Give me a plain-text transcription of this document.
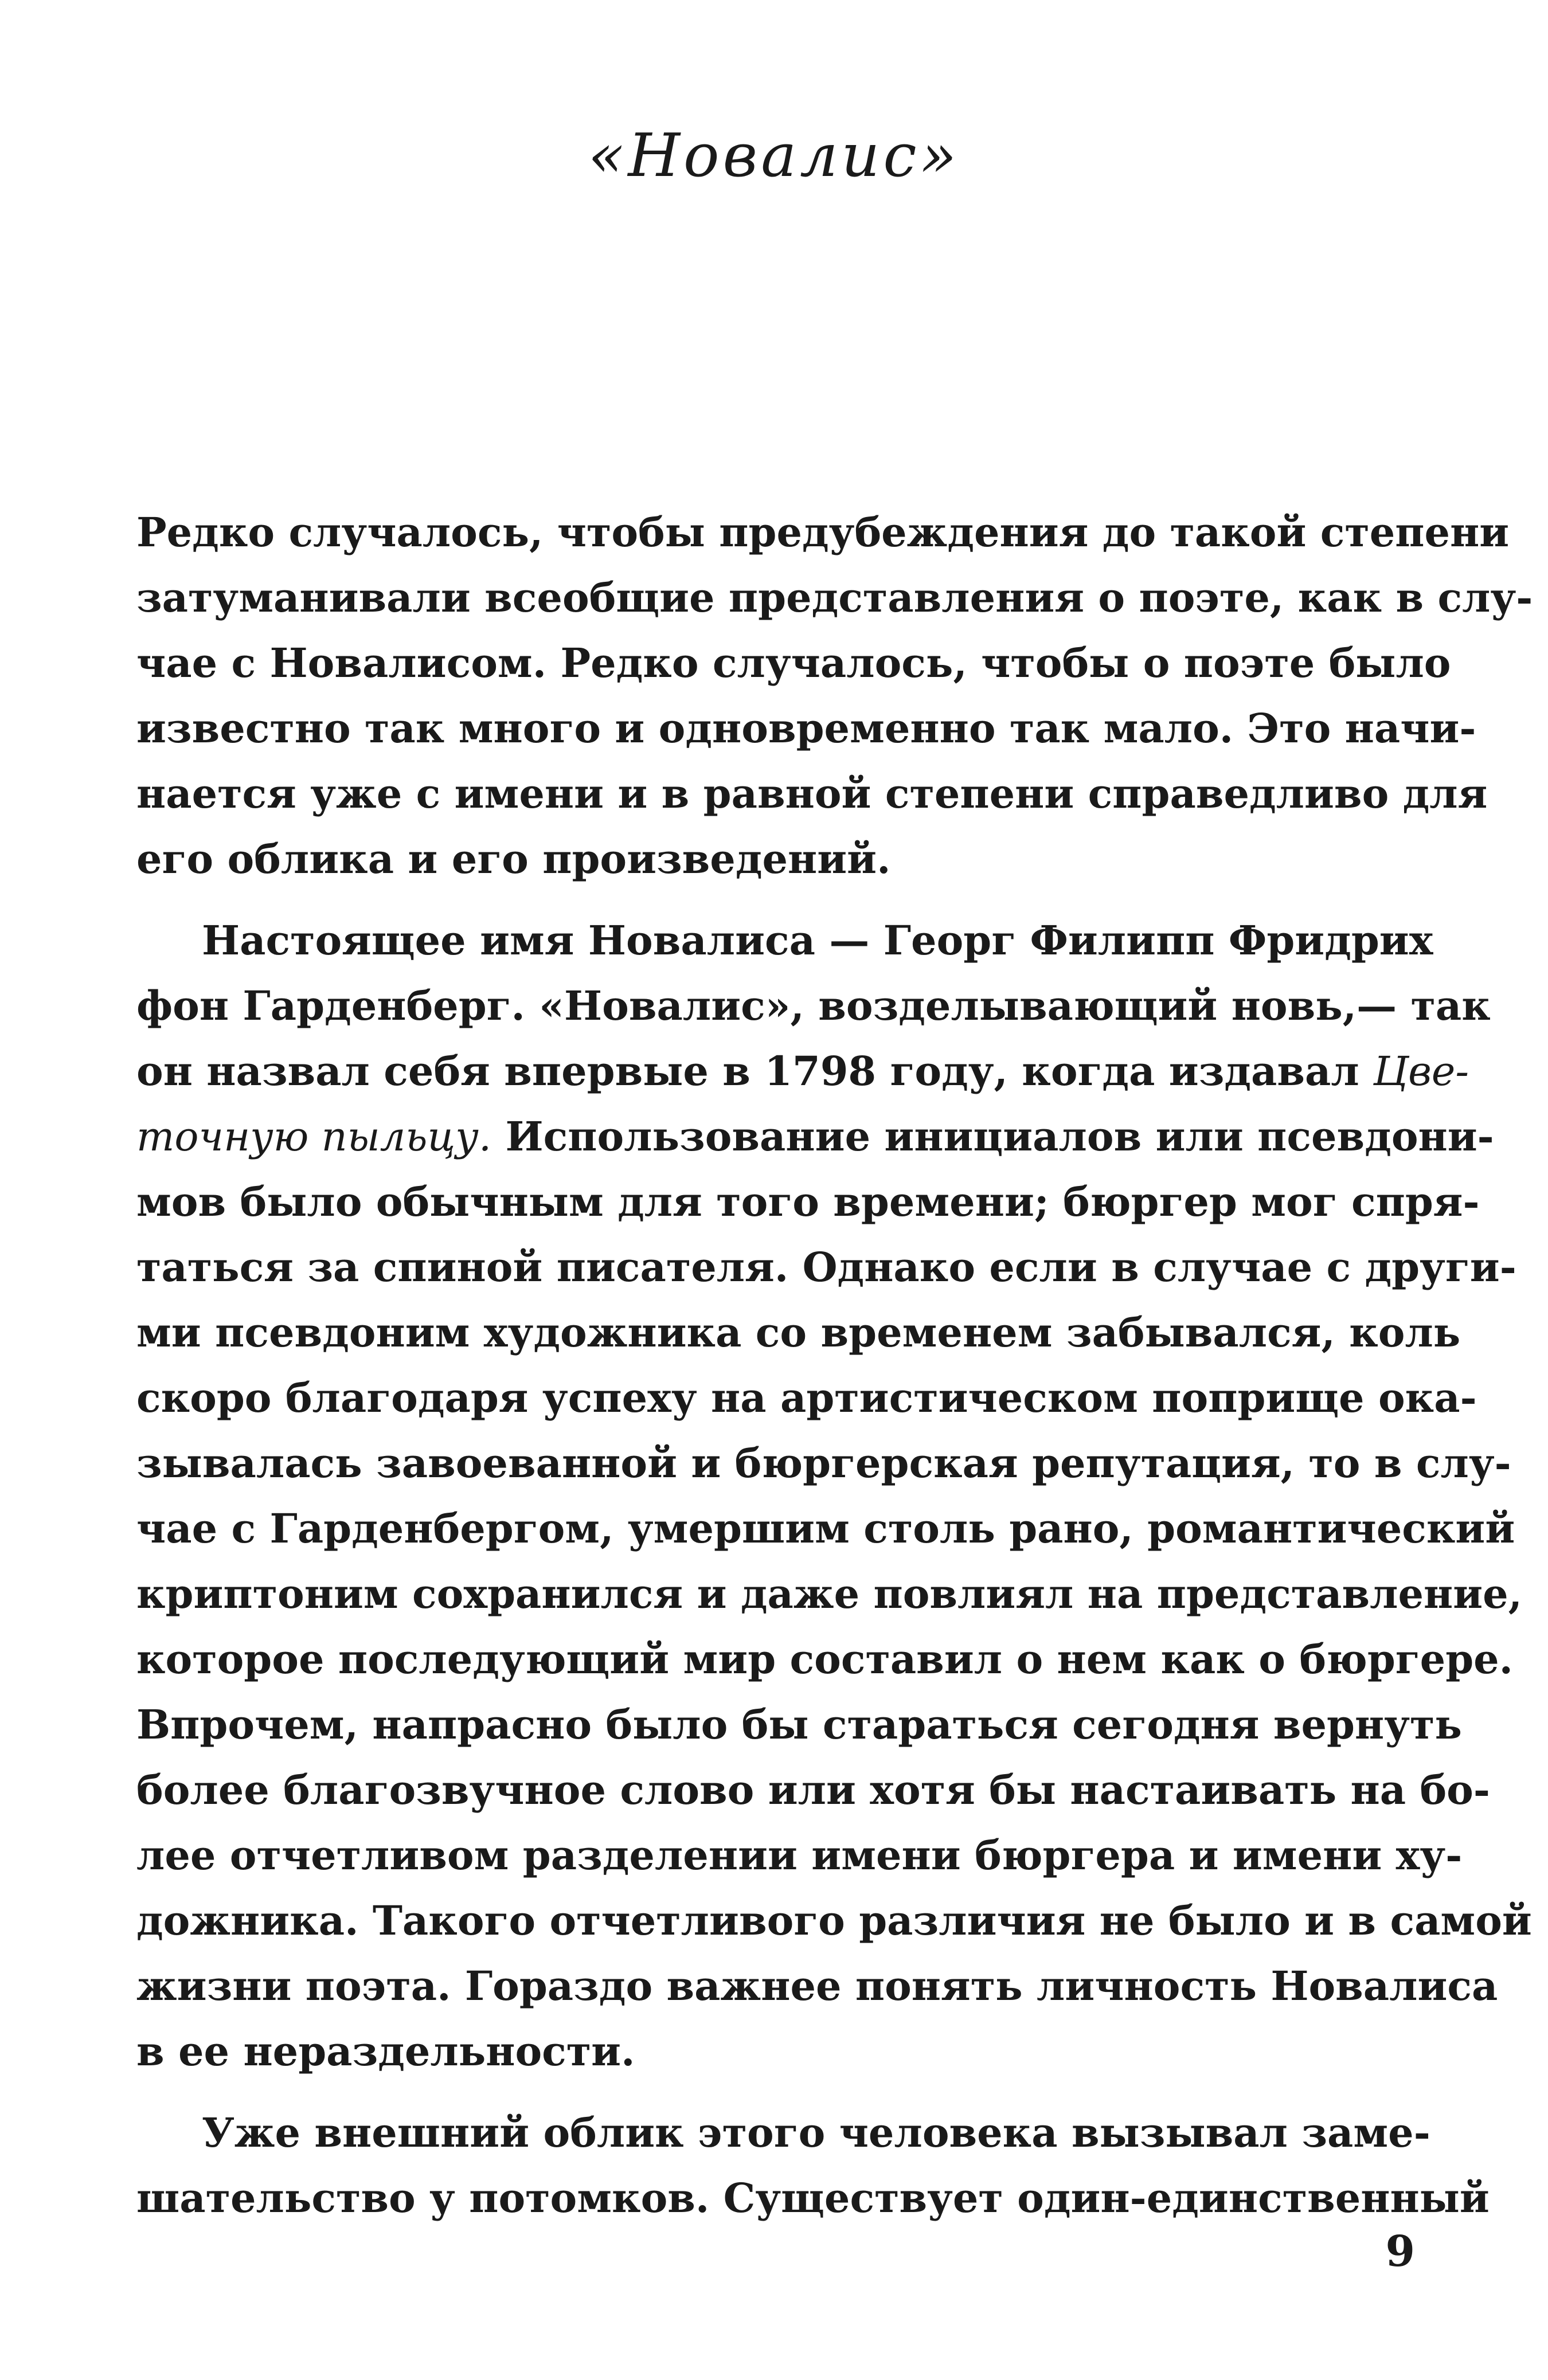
«Новалис»
Редко случалось, чтобы предубеждения до такой степени
затуманивали всеобщие представления о поэте, как в слу-
чае с Новалисом. Редко случалось, чтобы о поэте было
известно так много и одновременно так мало. Это начи-
нается уже с имени и в равной степени справедливо для
его облика и его произведений.
Настоящее имя Новалиса — Георг Филипп Фридрих
фон Гарденберг. «Новалис», возделывающий новь,— так
он назвал себя впервые в 1798 году, когда издавал Цве-
точную пыльцу. Использование инициалов или псевдони-
мов было обычным для того времени; бюргер мог спря-
таться за спиной писателя. Однако если в случае с други-
ми псевдоним художника со временем забывался, коль
скоро благодаря успеху на артистическом поприще ока-
зывалась завоеванной и бюргерская репутация, то в слу-
чае с Гарденбергом, умершим столь рано, романтический
криптоним сохранился и даже повлиял на представление,
которое последующий мир составил о нем как о бюргере.
Впрочем, напрасно было бы стараться сегодня вернуть
более благозвучное слово или хотя бы настаивать на бо-
лее отчетливом разделении имени бюргера и имени ху-
дожника. Такого отчетливого различия не было и в самой
жизни поэта. Гораздо важнее понять личность Новалиса
в ее нераздельности.
Уже внешний облик этого человека вызывал заме-
шательство у потомков. Существует один-единственный
9
